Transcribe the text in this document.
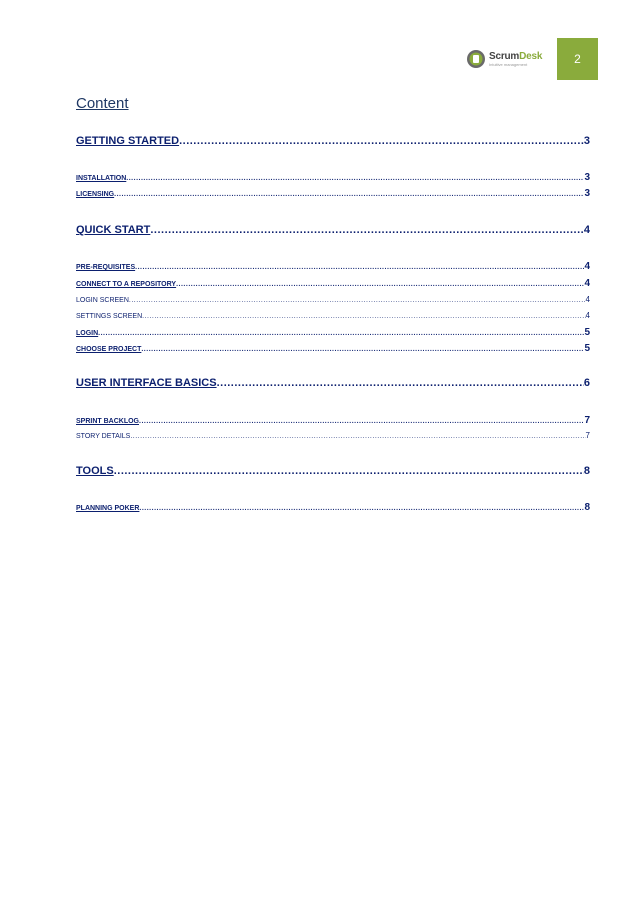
ScrumDesk
Intuitive management	2
Content
GETTING STARTED .....	3
INSTALLATION .....	3
LICENSING .....	3
QUICK START .....	4
PRE-REQUISITES .....	4
CONNECT TO A REPOSITORY .....	4
LOGIN SCREEN .....	4
SETTINGS SCREEN .....	4
LOGIN .....	5
CHOOSE PROJECT .....	5
USER INTERFACE BASICS .....	6
SPRINT BACKLOG .....	7
STORY DETAILS .....	7
TOOLS .....	8
PLANNING POKER .....	8
